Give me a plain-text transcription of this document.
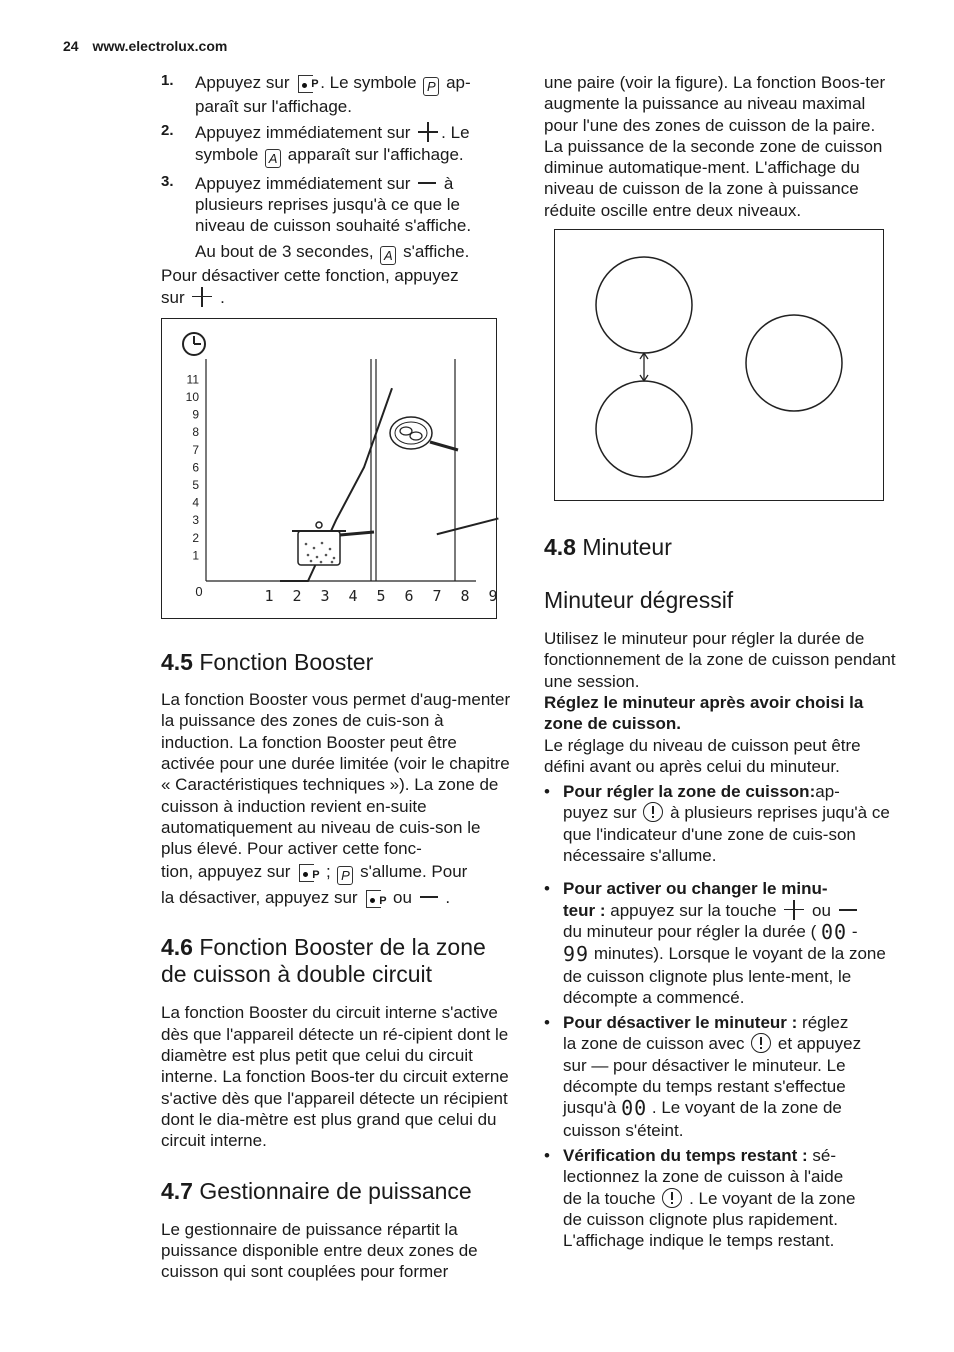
24 www.electrolux.com
1. Appuyez sur P . Le symbole P ap-
paraît sur l'affichage.

2. Appuyez immédiatement sur . Le
symbole A apparaît sur l'affichage.

3. Appuyez immédiatement sur à plusieurs reprises jusqu'à ce que le niveau de cuisson souhaité s'affiche.

Au bout de 3 secondes, A s'affiche.

Pour désactiver cette fonction, appuyez
sur .

11
10
9
8
7
6
5
4
3
2
1
1 2 3 4 5 6 7 8 9
0
4.5 Fonction Booster

La fonction Booster vous permet d'aug-menter la puissance des zones de cuis-son à induction. La fonction Booster peut être activée pour une durée limitée (voir le chapitre « Caractéristiques techniques »). La zone de cuisson à induction revient en-suite automatiquement au niveau de cuis-son le plus élevé. Pour activer cette fonc-

tion, appuyez sur P ; P s'allume. Pour

la désactiver, appuyez sur P ou .

4.6 Fonction Booster de la zone de cuisson à double circuit

La fonction Booster du circuit interne s'active dès que l'appareil détecte un ré-cipient dont le diamètre est plus petit que celui du circuit interne. La fonction Boos-ter du circuit externe s'active dès que l'appareil détecte un récipient dont le dia-mètre est plus grand que celui du circuit interne.

4.7 Gestionnaire de puissance

Le gestionnaire de puissance répartit la puissance disponible entre deux zones de cuisson qui sont couplées pour former

une paire (voir la figure). La fonction Boos-ter augmente la puissance au niveau maximal pour l'une des zones de cuisson de la paire. La puissance de la seconde zone de cuisson diminue automatique-ment. L'affichage du niveau de cuisson de la zone à puissance réduite oscille entre deux niveaux.

4.8 Minuteur
Minuteur dégressif

Utilisez le minuteur pour régler la durée de fonctionnement de la zone de cuisson pendant une session.

Réglez le minuteur après avoir choisi la zone de cuisson.

Le réglage du niveau de cuisson peut être défini avant ou après celui du minuteur.

• Pour régler la zone de cuisson:ap-
puyez sur à plusieurs reprises juqu'à ce que l'indicateur d'une zone de cuis-son nécessaire s'allume.

• Pour activer ou changer le minu-
teur : appuyez sur la touche ou
du minuteur pour régler la durée ( 00 -
99 minutes). Lorsque le voyant de la zone de cuisson clignote plus lente-ment, le décompte a commencé.

• Pour désactiver le minuteur : réglez
la zone de cuisson avec et appuyez
sur — pour désactiver le minuteur. Le décompte du temps restant s'effectue
jusqu'à 00 . Le voyant de la zone de
cuisson s'éteint.

• Vérification du temps restant : sé-
lectionnez la zone de cuisson à l'aide
de la touche . Le voyant de la zone
de cuisson clignote plus rapidement. L'affichage indique le temps restant.
